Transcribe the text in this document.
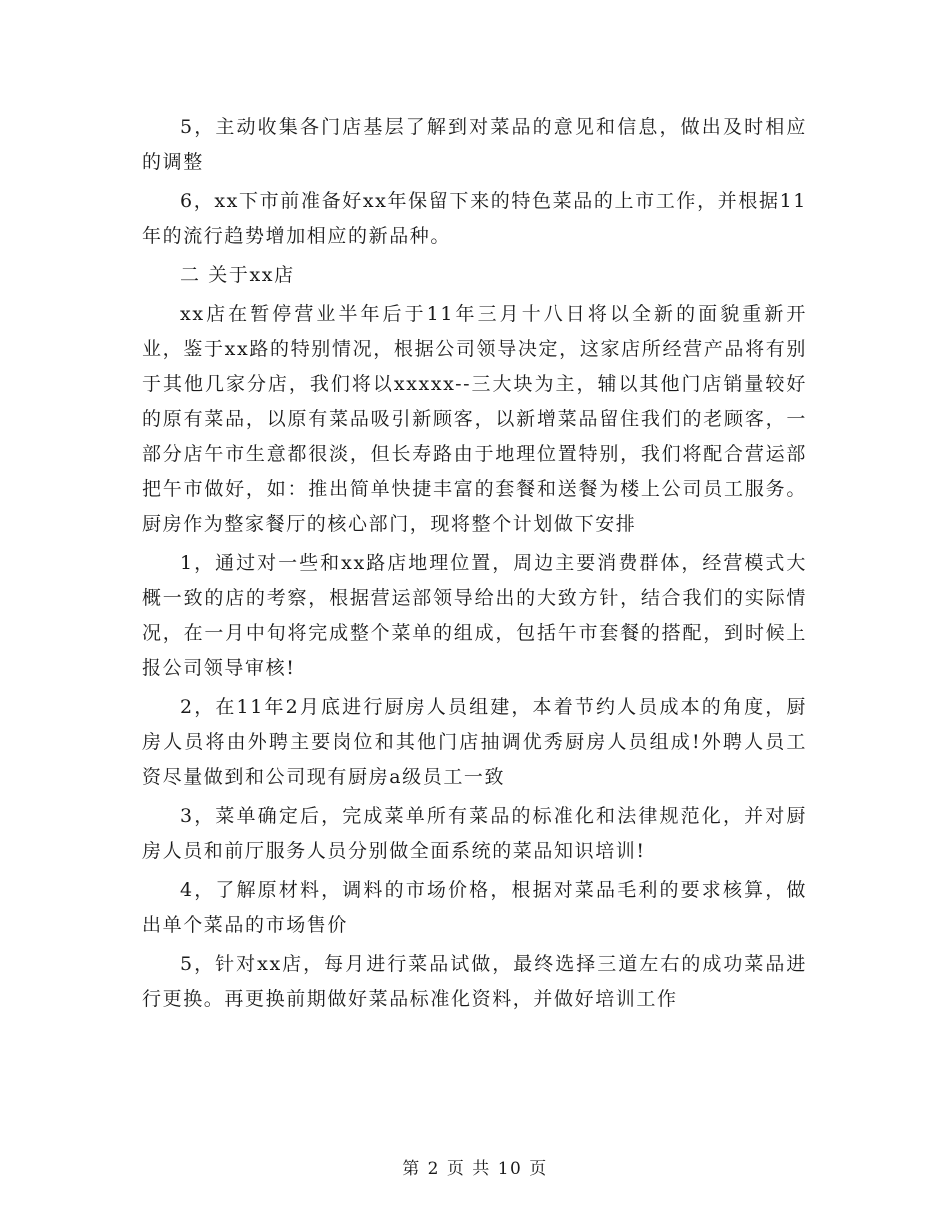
5，主动收集各门店基层了解到对菜品的意见和信息，做出及时相应的调整

6，xx下市前准备好xx年保留下来的特色菜品的上市工作，并根据11年的流行趋势增加相应的新品种。

二 关于xx店

xx店在暂停营业半年后于11年三月十八日将以全新的面貌重新开业，鉴于xx路的特别情况，根据公司领导决定，这家店所经营产品将有别于其他几家分店，我们将以xxxxx--三大块为主，辅以其他门店销量较好的原有菜品，以原有菜品吸引新顾客，以新增菜品留住我们的老顾客，一部分店午市生意都很淡，但长寿路由于地理位置特别，我们将配合营运部把午市做好，如：推出简单快捷丰富的套餐和送餐为楼上公司员工服务。厨房作为整家餐厅的核心部门，现将整个计划做下安排

1，通过对一些和xx路店地理位置，周边主要消费群体，经营模式大概一致的店的考察，根据营运部领导给出的大致方针，结合我们的实际情况，在一月中旬将完成整个菜单的组成，包括午市套餐的搭配，到时候上报公司领导审核!

2，在11年2月底进行厨房人员组建，本着节约人员成本的角度，厨房人员将由外聘主要岗位和其他门店抽调优秀厨房人员组成!外聘人员工资尽量做到和公司现有厨房a级员工一致

3，菜单确定后，完成菜单所有菜品的标准化和法律规范化，并对厨房人员和前厅服务人员分别做全面系统的菜品知识培训!

4，了解原材料，调料的市场价格，根据对菜品毛利的要求核算，做出单个菜品的市场售价

5，针对xx店，每月进行菜品试做，最终选择三道左右的成功菜品进行更换。再更换前期做好菜品标准化资料，并做好培训工作

第 2 页 共 10 页
